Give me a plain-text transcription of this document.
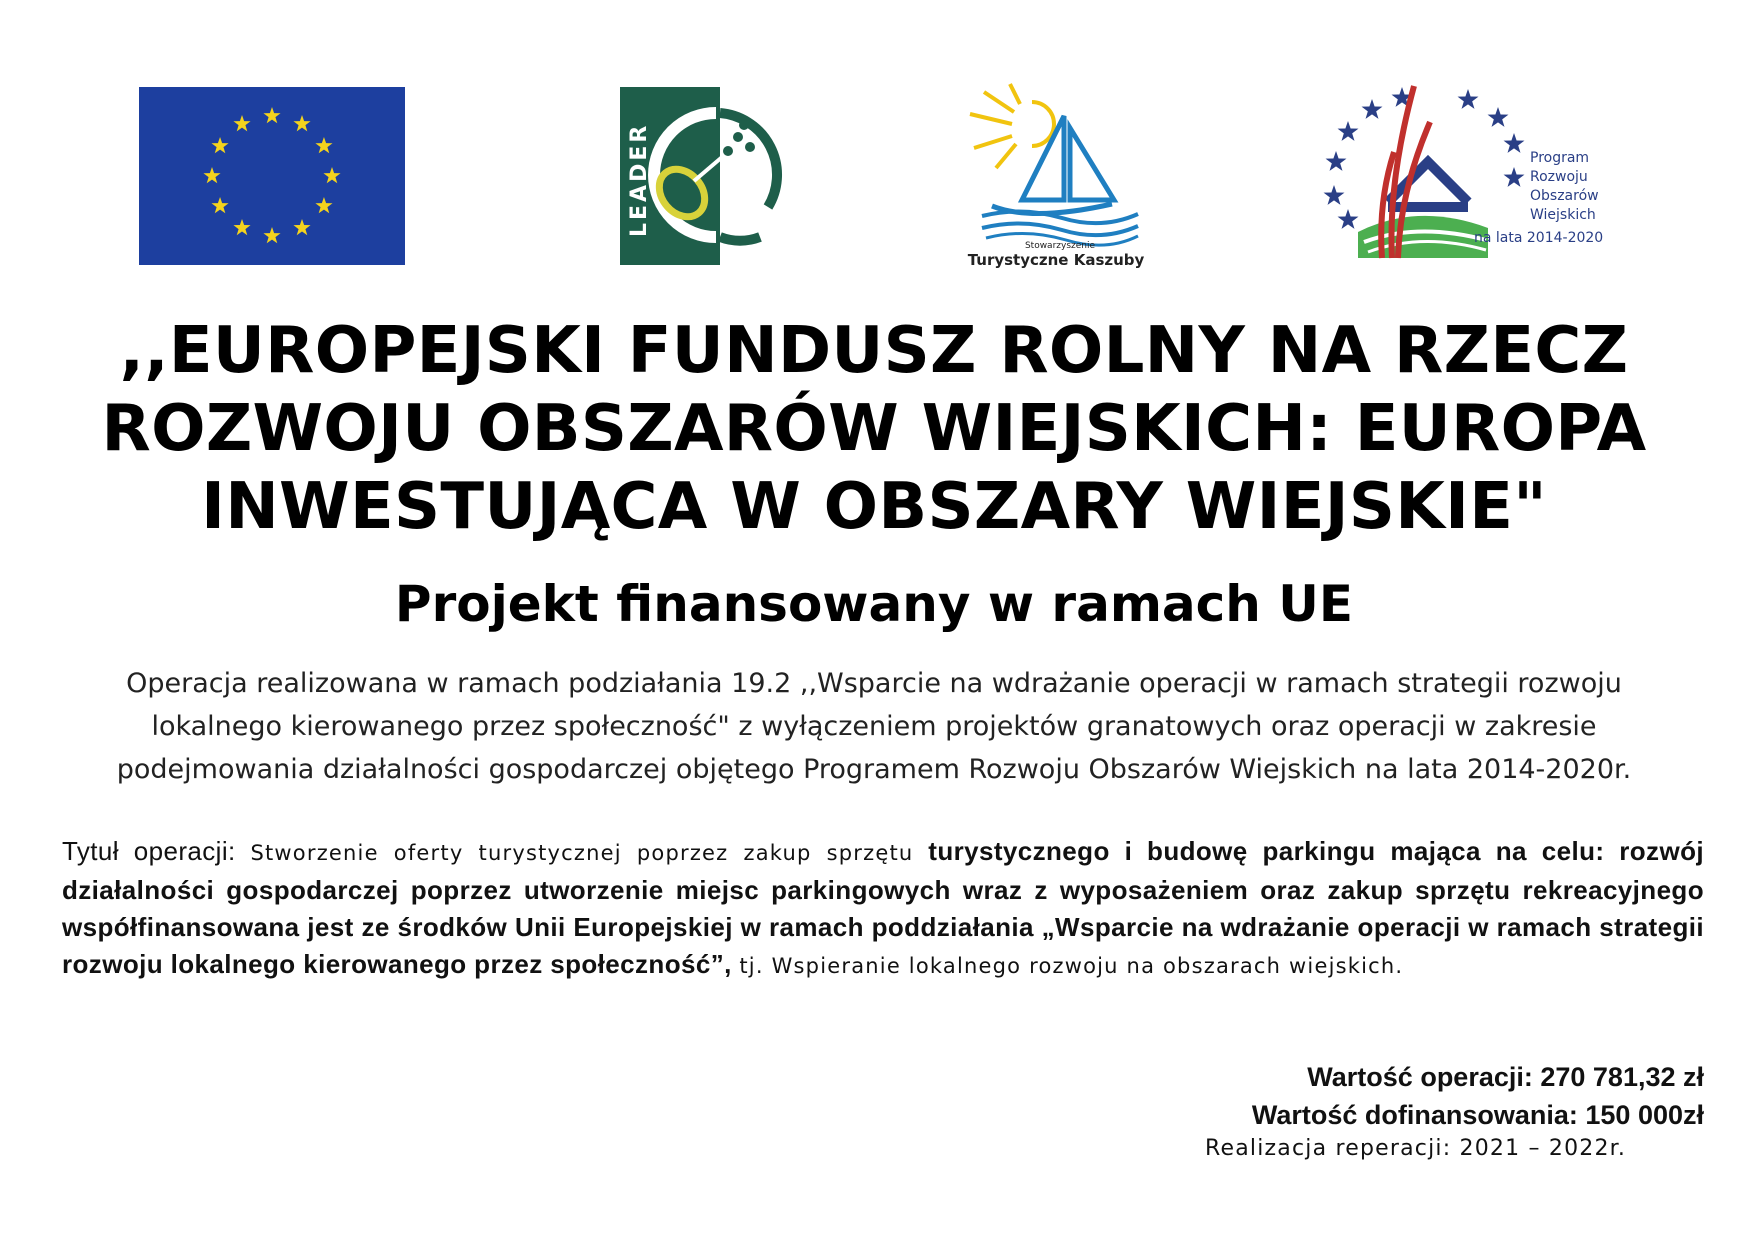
LEADER
Stowarzyszenie
Turystyczne Kaszuby
Program
Rozwoju
Obszarów
Wiejskich
na lata 2014-2020
,,EUROPEJSKI FUNDUSZ ROLNY NA RZECZ
ROZWOJU OBSZARÓW WIEJSKICH: EUROPA
INWESTUJĄCA W OBSZARY WIEJSKIE"
Projekt finansowany w ramach UE
Operacja realizowana w ramach podziałania 19.2 ,,Wsparcie na wdrażanie operacji w ramach strategii rozwoju
lokalnego kierowanego przez społeczność" z wyłączeniem projektów granatowych oraz operacji w zakresie
podejmowania działalności gospodarczej objętego Programem Rozwoju Obszarów Wiejskich na lata 2014-2020r.
Tytuł operacji: Stworzenie oferty turystycznej poprzez zakup sprzętu turystycznego i budowę parkingu mająca na celu: rozwój działalności gospodarczej poprzez utworzenie miejsc parkingowych wraz z wyposażeniem oraz zakup sprzętu rekreacyjnego współfinansowana jest ze środków Unii Europejskiej w ramach poddziałania „Wsparcie na wdrażanie operacji w ramach strategii rozwoju lokalnego kierowanego przez społeczność”, tj. Wspieranie lokalnego rozwoju na obszarach wiejskich.
Wartość operacji: 270 781,32 zł
Wartość dofinansowania: 150 000zł
Realizacja reperacji: 2021 – 2022r.
